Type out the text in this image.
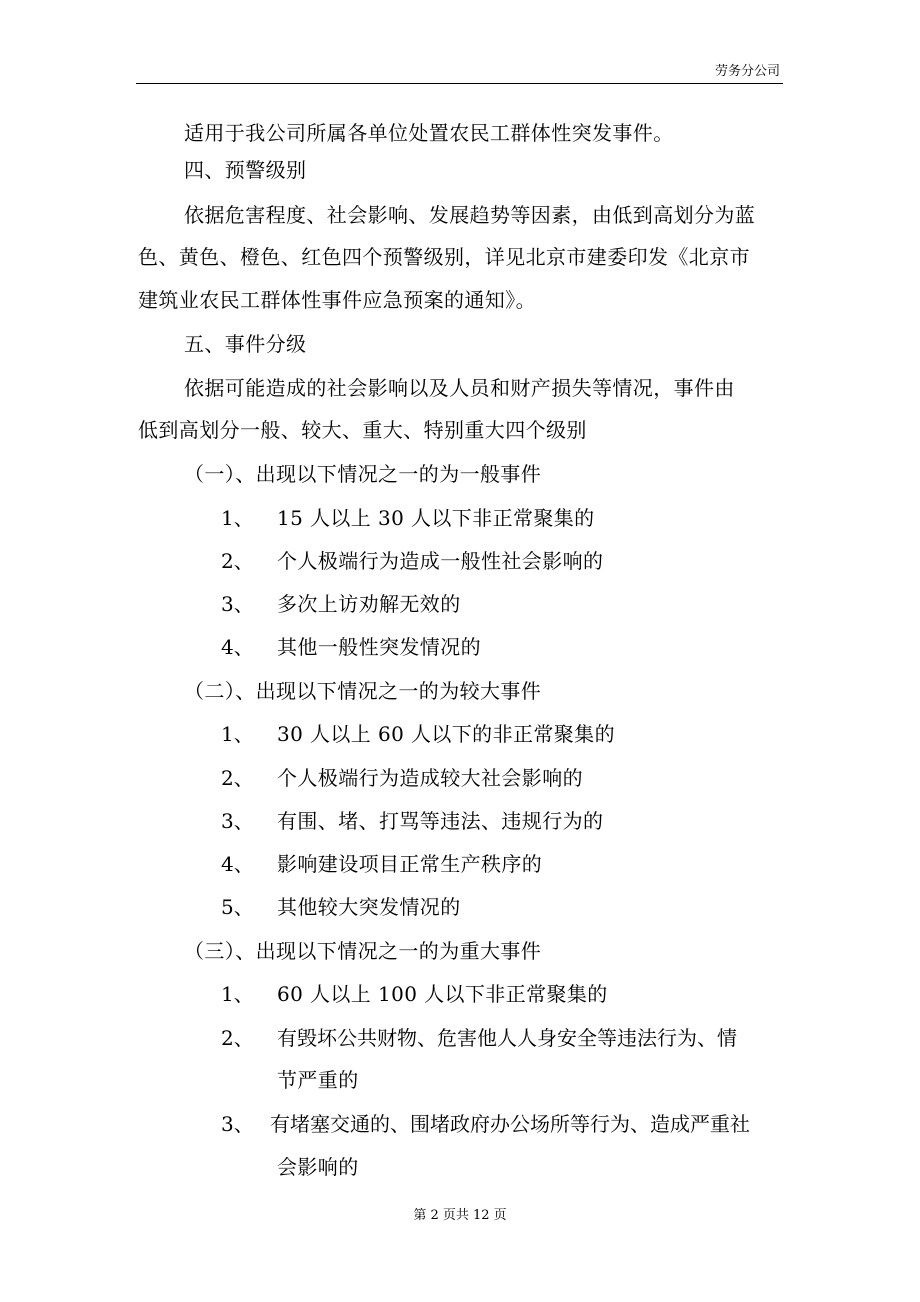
劳务分公司
适用于我公司所属各单位处置农民工群体性突发事件。
四、预警级别
依据危害程度、社会影响、发展趋势等因素，由低到高划分为蓝
色、黄色、橙色、红色四个预警级别，详见北京市建委印发《北京市
建筑业农民工群体性事件应急预案的通知》。
五、事件分级
依据可能造成的社会影响以及人员和财产损失等情况，事件由
低到高划分一般、较大、重大、特别重大四个级别
（一）、出现以下情况之一的为一般事件
1、 15 人以上 30 人以下非正常聚集的
2、 个人极端行为造成一般性社会影响的
3、 多次上访劝解无效的
4、 其他一般性突发情况的
（二）、出现以下情况之一的为较大事件
1、 30 人以上 60 人以下的非正常聚集的
2、 个人极端行为造成较大社会影响的
3、 有围、堵、打骂等违法、违规行为的
4、 影响建设项目正常生产秩序的
5、 其他较大突发情况的
（三）、出现以下情况之一的为重大事件
1、 60 人以上 100 人以下非正常聚集的
2、 有毁坏公共财物、危害他人人身安全等违法行为、情
节严重的
3、 有堵塞交通的、围堵政府办公场所等行为、造成严重社
会影响的
第 2 页共 12 页
